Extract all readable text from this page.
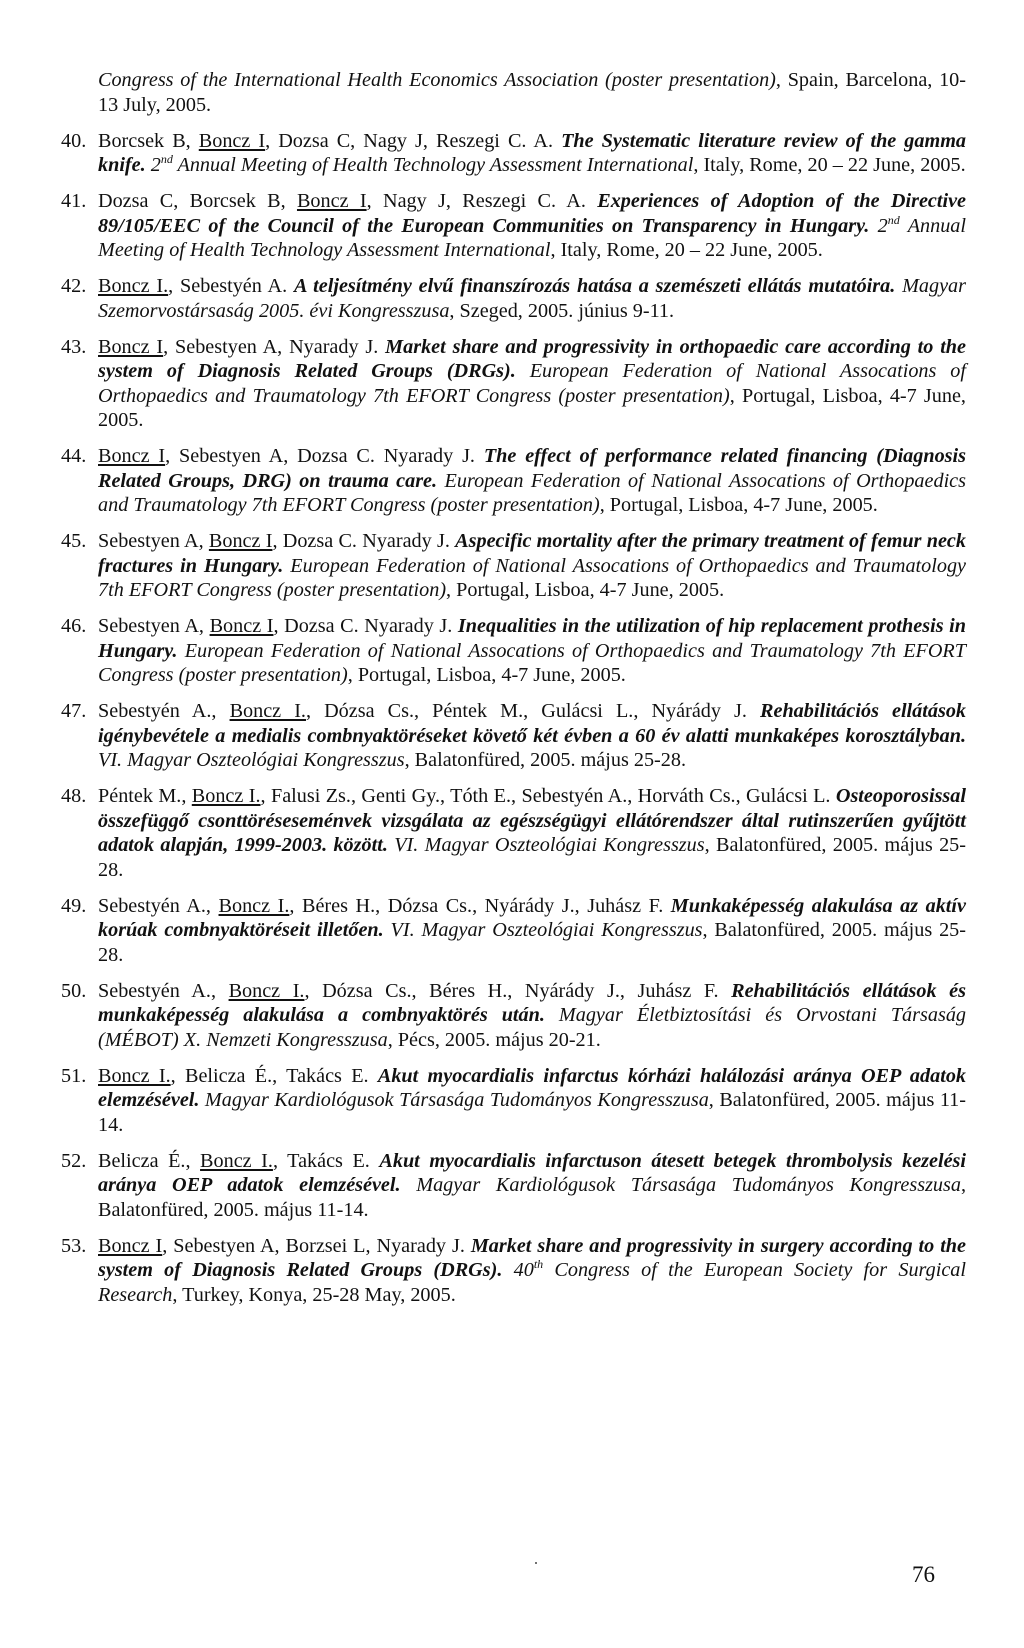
Congress of the International Health Economics Association (poster presentation), Spain, Barcelona, 10-13 July, 2005.
40. Borcsek B, Boncz I, Dozsa C, Nagy J, Reszegi C. A. The Systematic literature review of the gamma knife. 2nd Annual Meeting of Health Technology Assessment International, Italy, Rome, 20 – 22 June, 2005.
41. Dozsa C, Borcsek B, Boncz I, Nagy J, Reszegi C. A. Experiences of Adoption of the Directive 89/105/EEC of the Council of the European Communities on Transparency in Hungary. 2nd Annual Meeting of Health Technology Assessment International, Italy, Rome, 20 – 22 June, 2005.
42. Boncz I., Sebestyén A. A teljesítmény elvű finanszírozás hatása a szemészeti ellátás mutatóira. Magyar Szemorvostársaság 2005. évi Kongresszusa, Szeged, 2005. június 9-11.
43. Boncz I, Sebestyen A, Nyarady J. Market share and progressivity in orthopaedic care according to the system of Diagnosis Related Groups (DRGs). European Federation of National Assocations of Orthopaedics and Traumatology 7th EFORT Congress (poster presentation), Portugal, Lisboa, 4-7 June, 2005.
44. Boncz I, Sebestyen A, Dozsa C. Nyarady J. The effect of performance related financing (Diagnosis Related Groups, DRG) on trauma care. European Federation of National Assocations of Orthopaedics and Traumatology 7th EFORT Congress (poster presentation), Portugal, Lisboa, 4-7 June, 2005.
45. Sebestyen A, Boncz I, Dozsa C. Nyarady J. Aspecific mortality after the primary treatment of femur neck fractures in Hungary. European Federation of National Assocations of Orthopaedics and Traumatology 7th EFORT Congress (poster presentation), Portugal, Lisboa, 4-7 June, 2005.
46. Sebestyen A, Boncz I, Dozsa C. Nyarady J. Inequalities in the utilization of hip replacement prothesis in Hungary. European Federation of National Assocations of Orthopaedics and Traumatology 7th EFORT Congress (poster presentation), Portugal, Lisboa, 4-7 June, 2005.
47. Sebestyén A., Boncz I., Dózsa Cs., Péntek M., Gulácsi L., Nyárády J. Rehabilitációs ellátások igénybevétele a medialis combnyaktöréseket követő két évben a 60 év alatti munkaképes korosztályban. VI. Magyar Oszteológiai Kongresszus, Balatonfüred, 2005. május 25-28.
48. Péntek M., Boncz I., Falusi Zs., Genti Gy., Tóth E., Sebestyén A., Horváth Cs., Gulácsi L. Osteoporosissal összefüggő csonttöréseseménvek vizsgálata az egészségügyi ellátórendszer által rutinszerűen gyűjtött adatok alapján, 1999-2003. között. VI. Magyar Oszteológiai Kongresszus, Balatonfüred, 2005. május 25-28.
49. Sebestyén A., Boncz I., Béres H., Dózsa Cs., Nyárády J., Juhász F. Munkaképesség alakulása az aktív korúak combnyaktöréseit illetően. VI. Magyar Oszteológiai Kongresszus, Balatonfüred, 2005. május 25-28.
50. Sebestyén A., Boncz I., Dózsa Cs., Béres H., Nyárády J., Juhász F. Rehabilitációs ellátások és munkaképesség alakulása a combnyaktörés után. Magyar Életbiztosítási és Orvostani Társaság (MÉBOT) X. Nemzeti Kongresszusa, Pécs, 2005. május 20-21.
51. Boncz I., Belicza É., Takács E. Akut myocardialis infarctus kórházi halálozási aránya OEP adatok elemzésével. Magyar Kardiológusok Társasága Tudományos Kongresszusa, Balatonfüred, 2005. május 11-14.
52. Belicza É., Boncz I., Takács E. Akut myocardialis infarctuson átesett betegek thrombolysis kezelési aránya OEP adatok elemzésével. Magyar Kardiológusok Társasága Tudományos Kongresszusa, Balatonfüred, 2005. május 11-14.
53. Boncz I, Sebestyen A, Borzsei L, Nyarady J. Market share and progressivity in surgery according to the system of Diagnosis Related Groups (DRGs). 40th Congress of the European Society for Surgical Research, Turkey, Konya, 25-28 May, 2005.
76
